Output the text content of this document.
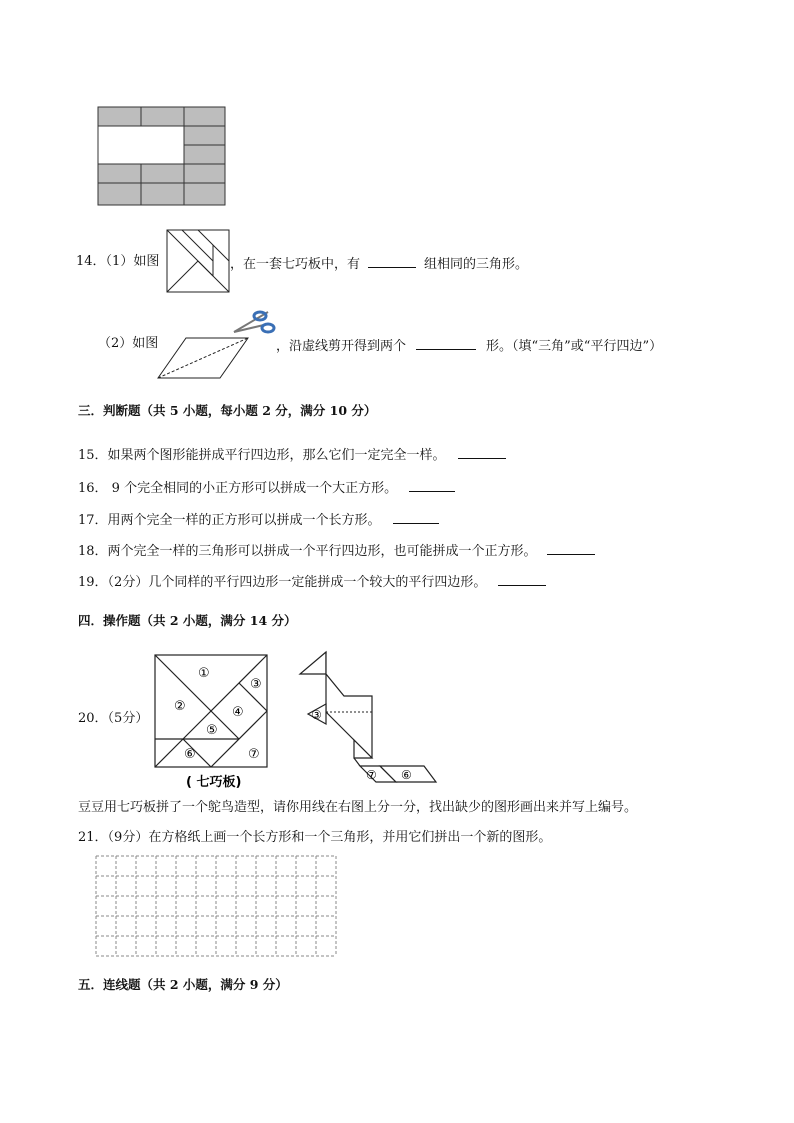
14．（1）如图	，在一套七巧板中，有	组相同的三角形。
（2）如图	，沿虚线剪开得到两个	形。（填“三角”或“平行四边”）
三．判断题（共 5 小题，每小题 2 分，满分 10 分）
15．如果两个图形能拼成平行四边形，那么它们一定完全一样。
16． 9 个完全相同的小正方形可以拼成一个大正方形。
17．用两个完全一样的正方形可以拼成一个长方形。
18．两个完全一样的三角形可以拼成一个平行四边形，也可能拼成一个正方形。
19．（2分）几个同样的平行四边形一定能拼成一个较大的平行四边形。
四．操作题（共 2 小题，满分 14 分）
20．（5分）
①
②
③
④
⑤
⑥	⑦
( 七巧板)
③
⑦ ⑥
豆豆用七巧板拼了一个鸵鸟造型，请你用线在右图上分一分，找出缺少的图形画出来并写上编号。
21．（9分）在方格纸上画一个长方形和一个三角形，并用它们拼出一个新的图形。
五．连线题（共 2 小题，满分 9 分）
